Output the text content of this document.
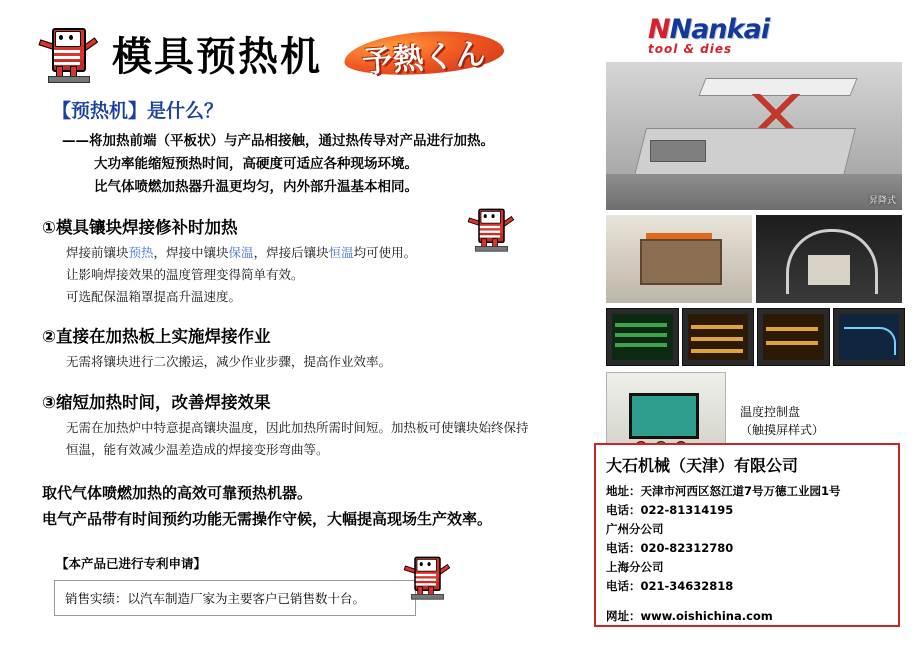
模具预热机 予熱くん
【预热机】是什么？
——将加热前端（平板状）与产品相接触，通过热传导对产品进行加热。
大功率能缩短预热时间，高硬度可适应各种现场环境。
比气体喷燃加热器升温更均匀，内外部升温基本相同。
①模具镶块焊接修补时加热
焊接前镶块预热，焊接中镶块保温，焊接后镶块恒温均可使用。
让影响焊接效果的温度管理变得简单有效。
可选配保温箱罩提高升温速度。
②直接在加热板上实施焊接作业
无需将镶块进行二次搬运，减少作业步骤，提高作业效率。
③缩短加热时间，改善焊接效果
无需在加热炉中特意提高镶块温度，因此加热所需时间短。加热板可使镶块始终保持
恒温，能有效减少温差造成的焊接变形弯曲等。
取代气体喷燃加热的高效可靠预热机器。
电气产品带有时间预约功能无需操作守候，大幅提高现场生产效率。
【本产品已进行专利申请】
销售实绩：以汽车制造厂家为主要客户已销售数十台。
NNankai
tool & dies
昇降式
温度控制盘
（触摸屏样式）
大石机械（天津）有限公司
地址：天津市河西区怒江道7号万德工业园1号
电话：022-81314195
广州分公司
电话：020-82312780
上海分公司
电话：021-34632818
网址：www.oishichina.com
